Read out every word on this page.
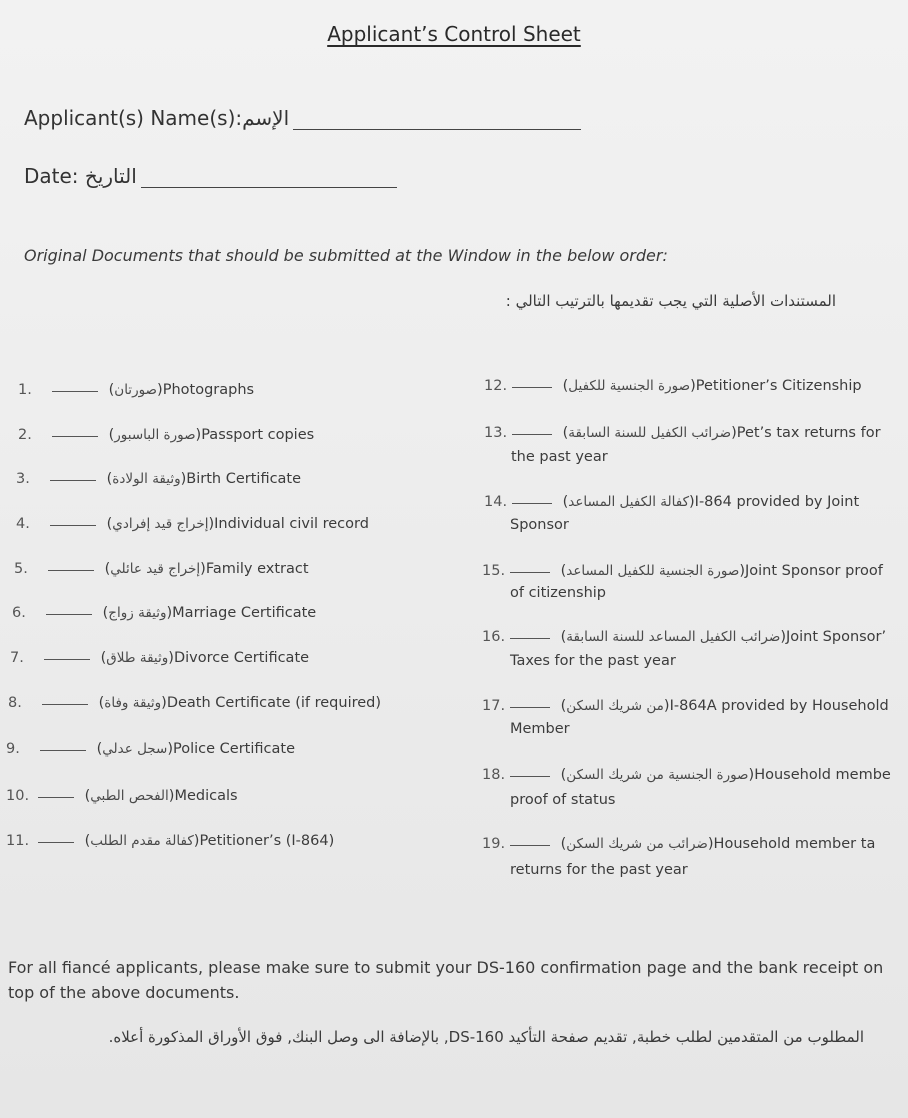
Applicant’s Control Sheet
Applicant(s) Name(s):الإسم
Date: التاريخ
Original Documents that should be submitted at the Window in the below order:
المستندات الأصلية التي يجب تقديمها بالترتيب التالي :
1.	(صورتان)Photographs
2.	(صورة الباسبور)Passport copies
3.	(وثيقة الولادة)Birth Certificate
4.	(إخراج قيد إفرادي)Individual civil record
5.	(إخراج قيد عائلي)Family extract
6.	(وثيقة زواج)Marriage Certificate
7.	(وثيقة طلاق)Divorce Certificate
8.	(وثيقة وفاة)Death Certificate (if required)
9.	(سجل عدلي)Police Certificate
10.	(الفحص الطبي)Medicals
11.	(كفالة مقدم الطلب)Petitioner’s (I-864)
12.	(صورة الجنسية للكفيل)Petitioner’s Citizenship
13.	(ضرائب الكفيل للسنة السابقة)Pet’s tax returns for
the past year
14.	(كفالة الكفيل المساعد)I-864 provided by Joint
Sponsor
15.	(صورة الجنسية للكفيل المساعد)Joint Sponsor proof
of citizenship
16.	(ضرائب الكفيل المساعد للسنة السابقة)Joint Sponsor’
Taxes for the past year
17.	(من شريك السكن)I-864A provided by Household
Member
18.	(صورة الجنسية من شريك السكن)Household membe
proof of status
19.	(ضرائب من شريك السكن)Household member ta
returns for the past year
For all fiancé applicants, please make sure to submit your DS-160 confirmation page and the bank receipt on top of the above documents.
المطلوب من المتقدمين لطلب خطبة, تقديم صفحة التأكيد DS-160, بالإضافة الى وصل البنك, فوق الأوراق المذكورة أعلاه.
